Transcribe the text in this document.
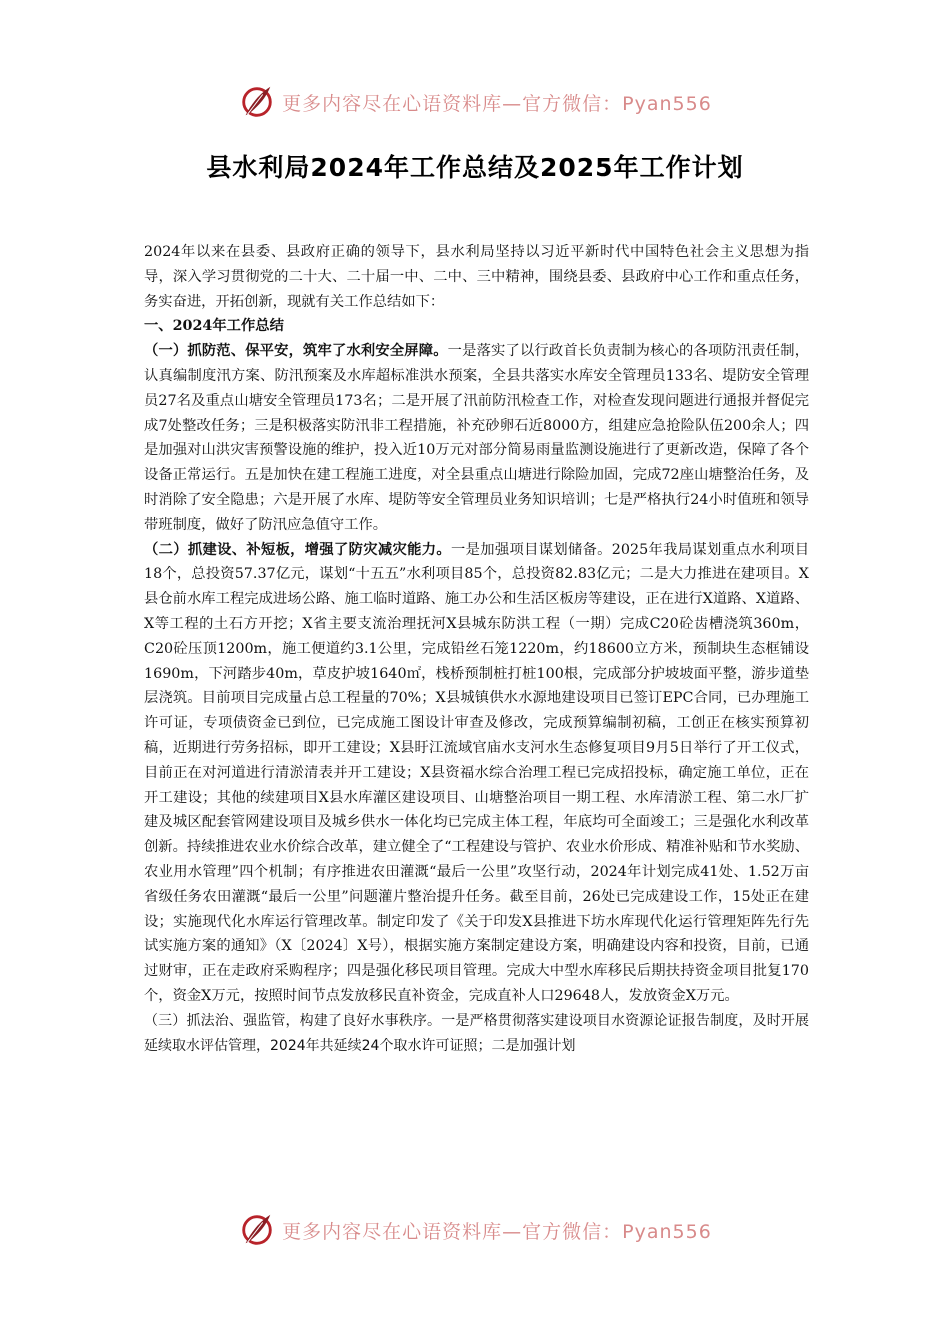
更多内容尽在心语资料库—官方微信：Pyan556
县水利局2024年工作总结及2025年工作计划

2024年以来在县委、县政府正确的领导下，县水利局坚持以习近平新时代中国特色社会主义思想为指导，深入学习贯彻党的二十大、二十届一中、二中、三中精神，围绕县委、县政府中心工作和重点任务，务实奋进，开拓创新，现就有关工作总结如下：

一、2024年工作总结

（一）抓防范、保平安，筑牢了水利安全屏障。一是落实了以行政首长负责制为核心的各项防汛责任制，认真编制度汛方案、防汛预案及水库超标准洪水预案，全县共落实水库安全管理员133名、堤防安全管理员27名及重点山塘安全管理员173名；二是开展了汛前防汛检查工作，对检查发现问题进行通报并督促完成7处整改任务；三是积极落实防汛非工程措施，补充砂卵石近8000方，组建应急抢险队伍200余人；四是加强对山洪灾害预警设施的维护，投入近10万元对部分简易雨量监测设施进行了更新改造，保障了各个设备正常运行。五是加快在建工程施工进度，对全县重点山塘进行除险加固，完成72座山塘整治任务，及时消除了安全隐患；六是开展了水库、堤防等安全管理员业务知识培训；七是严格执行24小时值班和领导带班制度，做好了防汛应急值守工作。

（二）抓建设、补短板，增强了防灾减灾能力。一是加强项目谋划储备。2025年我局谋划重点水利项目18个，总投资57.37亿元，谋划“十五五”水利项目85个，总投资82.83亿元；二是大力推进在建项目。X县仓前水库工程完成进场公路、施工临时道路、施工办公和生活区板房等建设，正在进行X道路、X道路、X等工程的土石方开挖；X省主要支流治理抚河X县城东防洪工程（一期）完成C20砼齿槽浇筑360m，C20砼压顶1200m，施工便道约3.1公里，完成铅丝石笼1220m，约18600立方米，预制块生态框铺设1690m，下河踏步40m，草皮护坡1640㎡，栈桥预制桩打桩100根，完成部分护坡坡面平整，游步道垫层浇筑。目前项目完成量占总工程量的70%；X县城镇供水水源地建设项目已签订EPC合同，已办理施工许可证，专项债资金已到位，已完成施工图设计审查及修改，完成预算编制初稿，工创正在核实预算初稿，近期进行劳务招标，即开工建设；X县盱江流域官庙水支河水生态修复项目9月5日举行了开工仪式，目前正在对河道进行清淤清表并开工建设；X县资福水综合治理工程已完成招投标，确定施工单位，正在开工建设；其他的续建项目X县水库灌区建设项目、山塘整治项目一期工程、水库清淤工程、第二水厂扩建及城区配套管网建设项目及城乡供水一体化均已完成主体工程，年底均可全面竣工；三是强化水利改革创新。持续推进农业水价综合改革，建立健全了“工程建设与管护、农业水价形成、精准补贴和节水奖励、农业用水管理”四个机制；有序推进农田灌溉“最后一公里”攻坚行动，2024年计划完成41处、1.52万亩省级任务农田灌溉“最后一公里”问题灌片整治提升任务。截至目前，26处已完成建设工作，15处正在建设；实施现代化水库运行管理改革。制定印发了《关于印发X县推进下坊水库现代化运行管理矩阵先行先试实施方案的通知》（X〔2024〕X号），根据实施方案制定建设方案，明确建设内容和投资，目前，已通过财审，正在走政府采购程序；四是强化移民项目管理。完成大中型水库移民后期扶持资金项目批复170个，资金X万元，按照时间节点发放移民直补资金，完成直补人口29648人，发放资金X万元。

（三）抓法治、强监管，构建了良好水事秩序。一是严格贯彻落实建设项目水资源论证报告制度，及时开展延续取水评估管理，2024年共延续24个取水许可证照；二是加强计划

更多内容尽在心语资料库—官方微信：Pyan556
